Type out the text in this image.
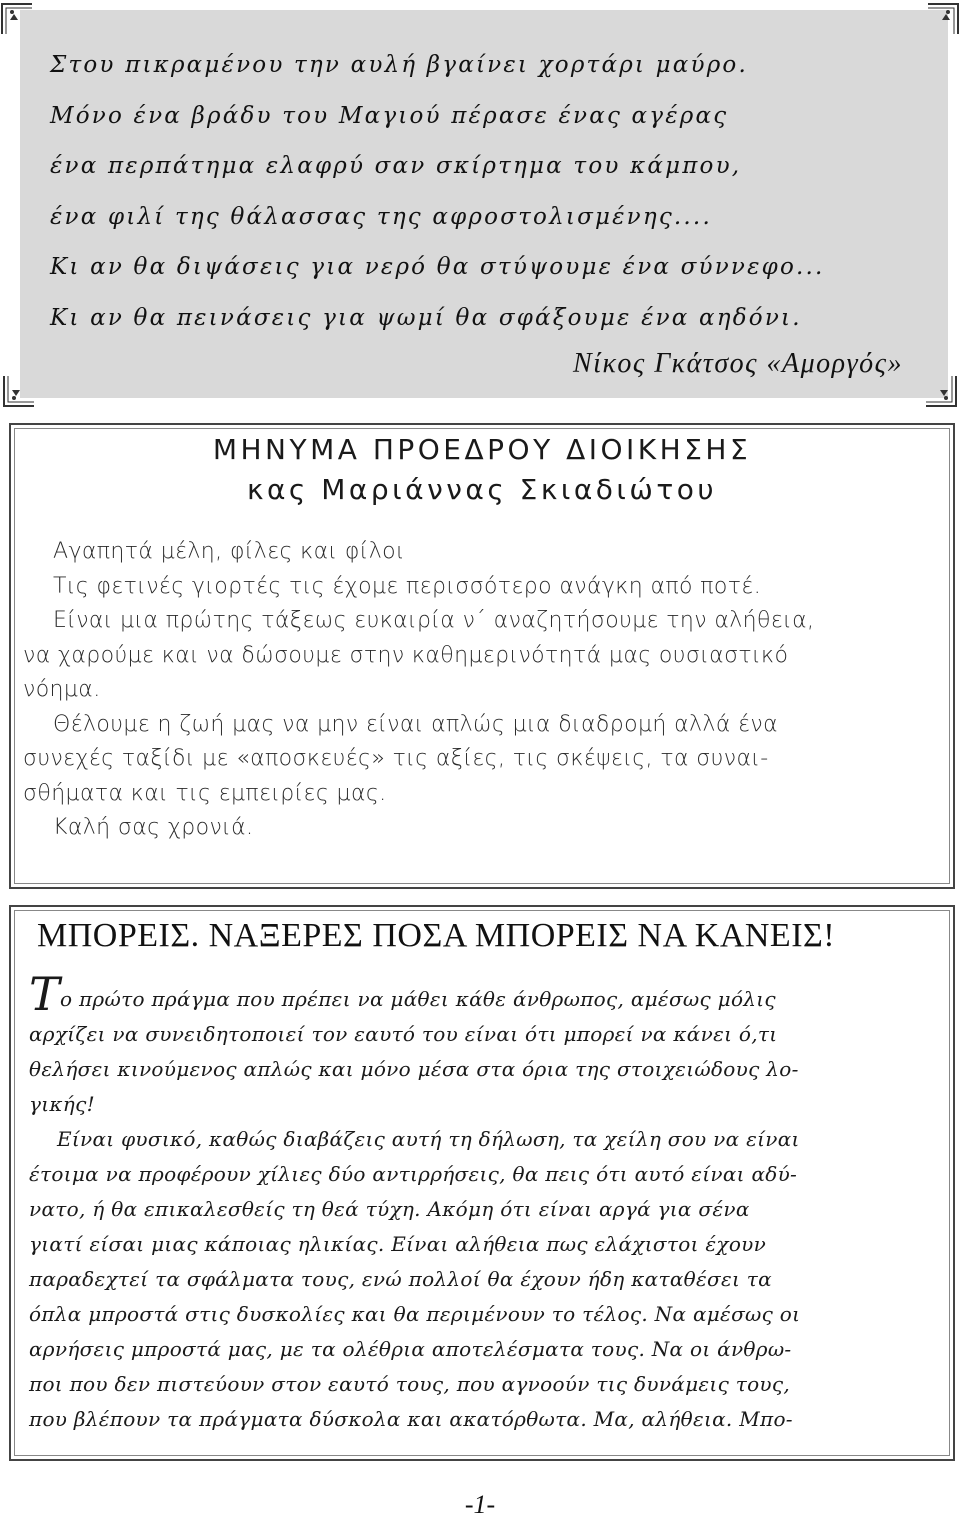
Στου πικραμένου την αυλή βγαίνει χορτάρι μαύρο.
Μόνο ένα βράδυ του Μαγιού πέρασε ένας αγέρας
ένα περπάτημα ελαφρύ σαν σκίρτημα του κάμπου,
ένα φιλί της θάλασσας της αφροστολισμένης....
Κι αν θα διψάσεις για νερό θα στύψουμε ένα σύννεφο...
Κι αν θα πεινάσεις για ψωμί θα σφάξουμε ένα αηδόνι.
Νίκος Γκάτσος «Αμοργός»
ΜΗΝΥΜΑ ΠΡΟΕΔΡΟΥ ΔΙΟΙΚΗΣΗΣ
κας Μαριάννας Σκιαδιώτου
Αγαπητά μέλη, φίλες και φίλοι
Τις φετινές γιορτές τις έχομε περισσότερο ανάγκη από ποτέ.
Είναι μια πρώτης τάξεως ευκαιρία ν΄ αναζητήσουμε την αλήθεια,
να χαρούμε και να δώσουμε στην καθημερινότητά μας ουσιαστικό
νόημα.
Θέλουμε η ζωή μας να μην είναι απλώς μια διαδρομή αλλά ένα
συνεχές ταξίδι με «αποσκευές» τις αξίες, τις σκέψεις, τα συναι-
σθήματα και τις εμπειρίες μας.
Καλή σας χρονιά.
ΜΠΟΡΕΙΣ. ΝΑΞΕΡΕΣ ΠΟΣΑ ΜΠΟΡΕΙΣ ΝΑ ΚΑΝΕΙΣ!
Το πρώτο πράγμα που πρέπει να μάθει κάθε άνθρωπος, αμέσως μόλις
αρχίζει να συνειδητοποιεί τον εαυτό του είναι ότι μπορεί να κάνει ό,τι
θελήσει κινούμενος απλώς και μόνο μέσα στα όρια της στοιχειώδους λο-
γικής!
Είναι φυσικό, καθώς διαβάζεις αυτή τη δήλωση, τα χείλη σου να είναι
έτοιμα να προφέρουν χίλιες δύο αντιρρήσεις, θα πεις ότι αυτό είναι αδύ-
νατο, ή θα επικαλεσθείς τη θεά τύχη. Ακόμη ότι είναι αργά για σένα
γιατί είσαι μιας κάποιας ηλικίας. Είναι αλήθεια πως ελάχιστοι έχουν
παραδεχτεί τα σφάλματα τους, ενώ πολλοί θα έχουν ήδη καταθέσει τα
όπλα μπροστά στις δυσκολίες και θα περιμένουν το τέλος. Να αμέσως οι
αρνήσεις μπροστά μας, με τα ολέθρια αποτελέσματα τους. Να οι άνθρω-
ποι που δεν πιστεύουν στον εαυτό τους, που αγνοούν τις δυνάμεις τους,
που βλέπουν τα πράγματα δύσκολα και ακατόρθωτα. Μα, αλήθεια. Μπο-
-1-
